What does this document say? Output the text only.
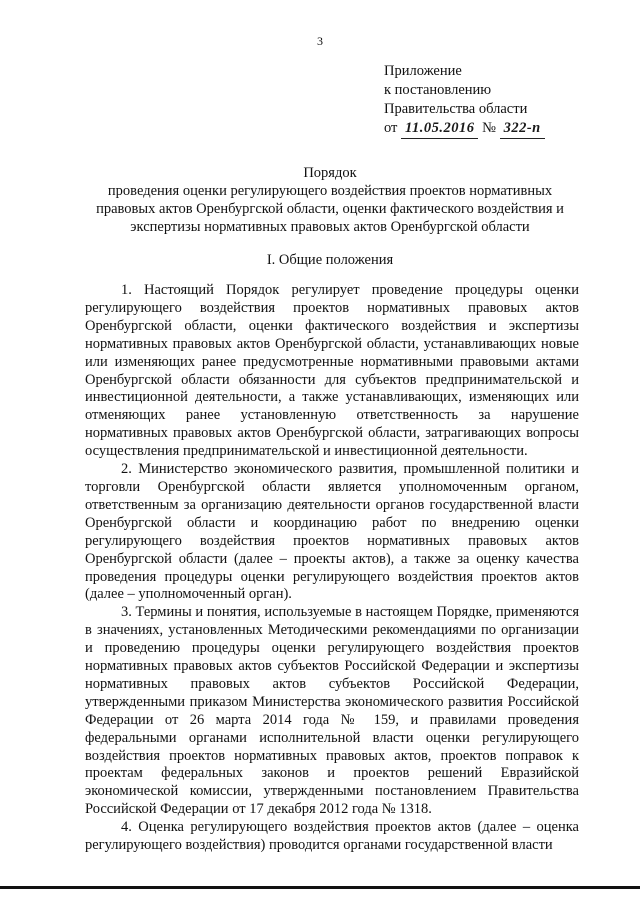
3
Приложение
к постановлению
Правительства области
от 11.05.2016 № 322-п
Порядок
проведения оценки регулирующего воздействия проектов нормативных
правовых актов Оренбургской области, оценки фактического воздействия и
экспертизы нормативных правовых актов Оренбургской области
I. Общие положения

1. Настоящий Порядок регулирует проведение процедуры оценки регулирующего воздействия проектов нормативных правовых актов Оренбургской области, оценки фактического воздействия и экспертизы нормативных правовых актов Оренбургской области, устанавливающих новые или изменяющих ранее предусмотренные нормативными правовыми актами Оренбургской области обязанности для субъектов предпринимательской и инвестиционной деятельности, а также устанавливающих, изменяющих или отменяющих ранее установленную ответственность за нарушение нормативных правовых актов Оренбургской области, затрагивающих вопросы осуществления предпринимательской и инвестиционной деятельности.

2. Министерство экономического развития, промышленной политики и торговли Оренбургской области является уполномоченным органом, ответственным за организацию деятельности органов государственной власти Оренбургской области и координацию работ по внедрению оценки регулирующего воздействия проектов нормативных правовых актов Оренбургской области (далее – проекты актов), а также за оценку качества проведения процедуры оценки регулирующего воздействия проектов актов (далее – уполномоченный орган).

3. Термины и понятия, используемые в настоящем Порядке, применяются в значениях, установленных Методическими рекомендациями по организации и проведению процедуры оценки регулирующего воздействия проектов нормативных правовых актов субъектов Российской Федерации и экспертизы нормативных правовых актов субъектов Российской Федерации, утвержденными приказом Министерства экономического развития Российской Федерации от 26 марта 2014 года № 159, и правилами проведения федеральными органами исполнительной власти оценки регулирующего воздействия проектов нормативных правовых актов, проектов поправок к проектам федеральных законов и проектов решений Евразийской экономической комиссии, утвержденными постановлением Правительства Российской Федерации от 17 декабря 2012 года № 1318.

4. Оценка регулирующего воздействия проектов актов (далее – оценка регулирующего воздействия) проводится органами государственной власти
